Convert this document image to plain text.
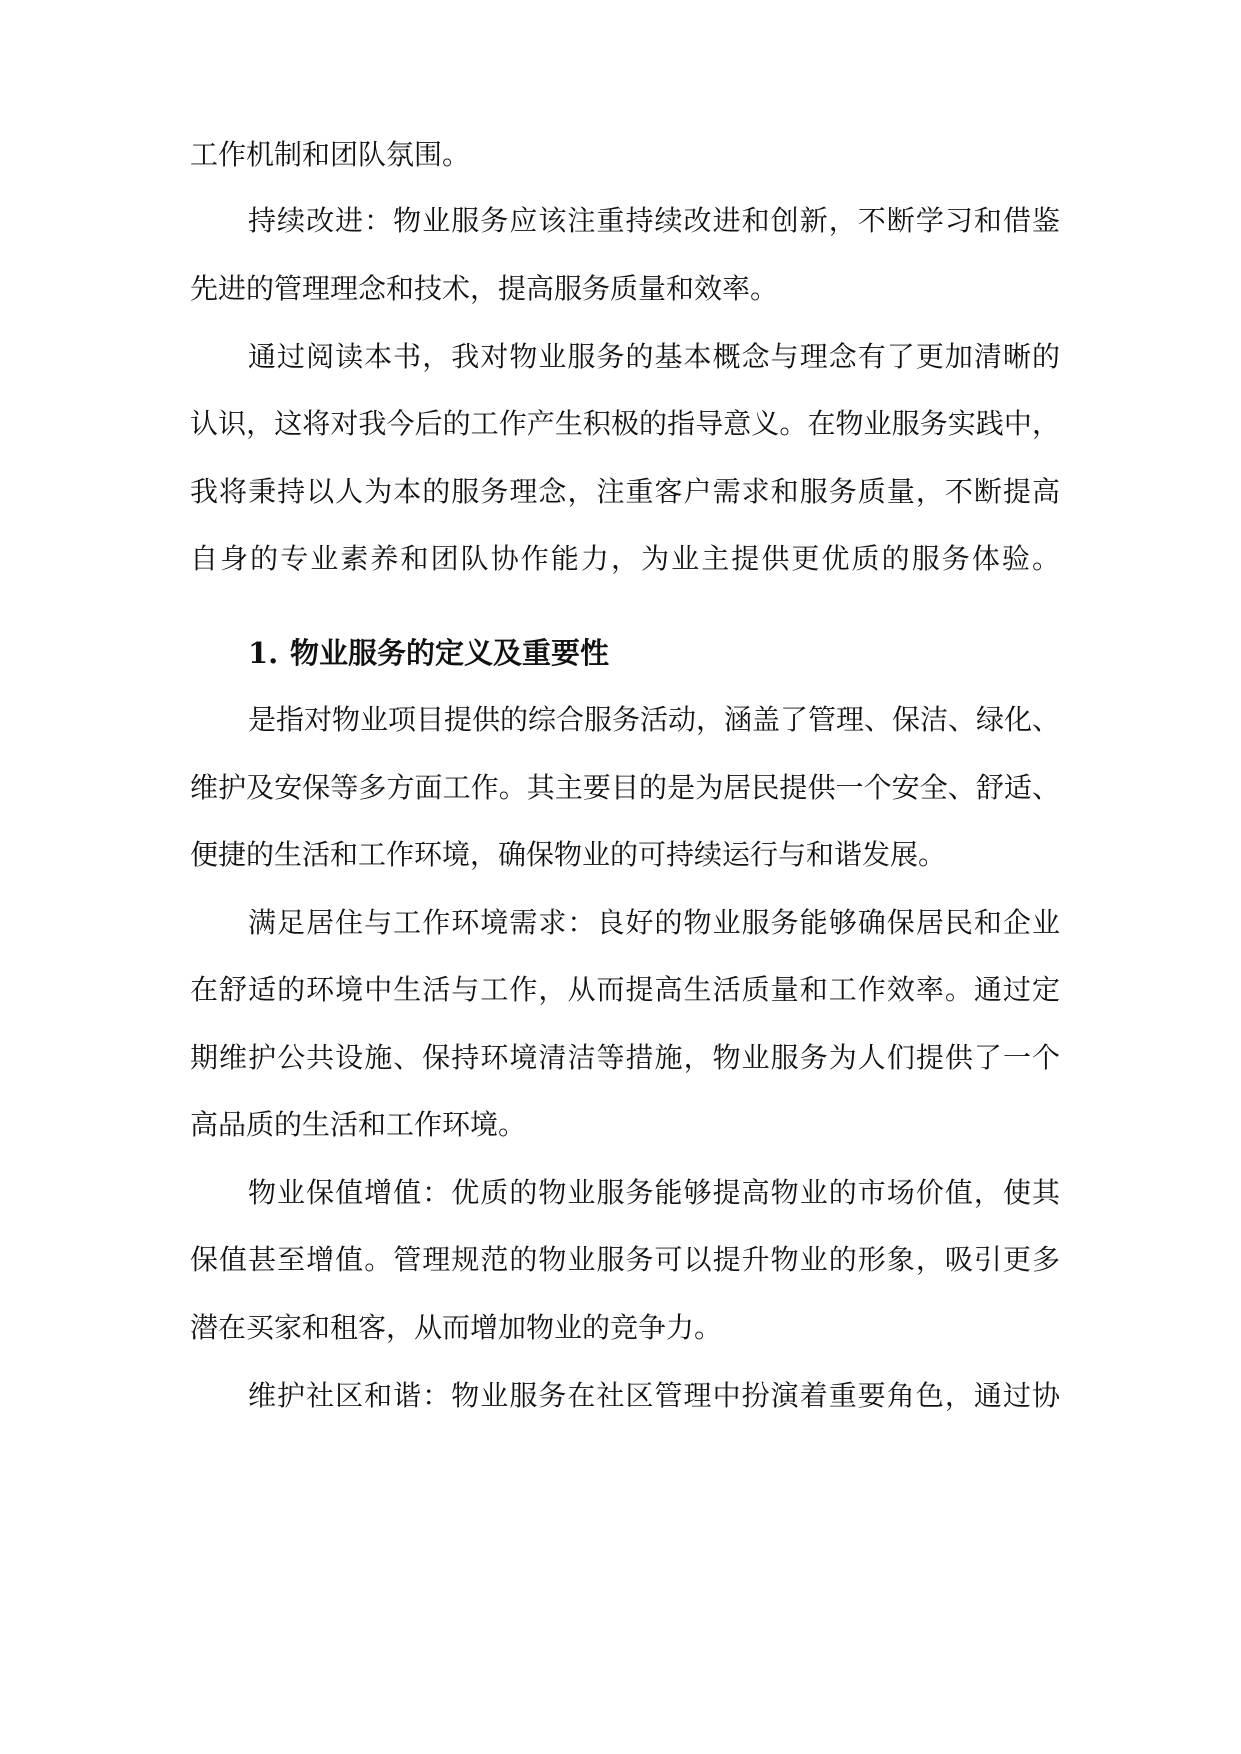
工作机制和团队氛围。
持续改进：物业服务应该注重持续改进和创新，不断学习和借鉴
先进的管理理念和技术，提高服务质量和效率。
通过阅读本书，我对物业服务的基本概念与理念有了更加清晰的
认识，这将对我今后的工作产生积极的指导意义。在物业服务实践中，
我将秉持以人为本的服务理念，注重客户需求和服务质量，不断提高
自身的专业素养和团队协作能力，为业主提供更优质的服务体验。
1. 物业服务的定义及重要性
是指对物业项目提供的综合服务活动，涵盖了管理、保洁、绿化、
维护及安保等多方面工作。其主要目的是为居民提供一个安全、舒适、
便捷的生活和工作环境，确保物业的可持续运行与和谐发展。
满足居住与工作环境需求：良好的物业服务能够确保居民和企业
在舒适的环境中生活与工作，从而提高生活质量和工作效率。通过定
期维护公共设施、保持环境清洁等措施，物业服务为人们提供了一个
高品质的生活和工作环境。
物业保值增值：优质的物业服务能够提高物业的市场价值，使其
保值甚至增值。管理规范的物业服务可以提升物业的形象，吸引更多
潜在买家和租客，从而增加物业的竞争力。
维护社区和谐：物业服务在社区管理中扮演着重要角色，通过协
